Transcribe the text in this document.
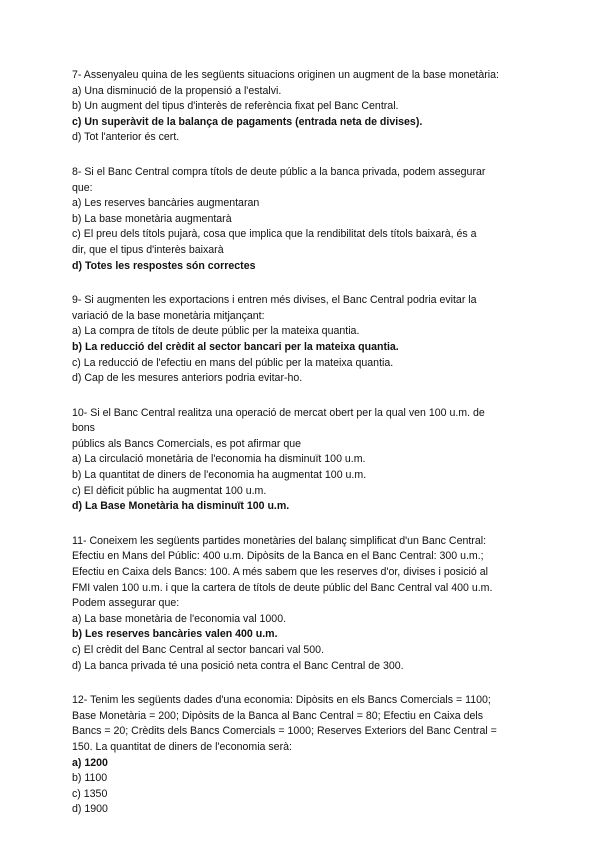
7- Assenyaleu quina de les següents situacions originen un augment de la base monetària:
a) Una disminució de la propensió a l'estalvi.
b) Un augment del tipus d'interès de referència fixat pel Banc Central.
c) Un superàvit de la balança de pagaments (entrada neta de divises).
d) Tot l'anterior és cert.
8- Si el Banc Central compra títols de deute públic a la banca privada, podem assegurar
que:
a) Les reserves bancàries augmentaran
b) La base monetària augmentarà
c) El preu dels títols pujarà, cosa que implica que la rendibilitat dels títols baixarà, és a
dir, que el tipus d'interès baixarà
d) Totes les respostes són correctes
9- Si augmenten les exportacions i entren més divises, el Banc Central podria evitar la
variació de la base monetària mitjançant:
a) La compra de títols de deute públic per la mateixa quantia.
b) La reducció del crèdit al sector bancari per la mateixa quantia.
c) La reducció de l'efectiu en mans del públic per la mateixa quantia.
d) Cap de les mesures anteriors podria evitar-ho.
10- Si el Banc Central realitza una operació de mercat obert per la qual ven 100 u.m. de
bons
públics als Bancs Comercials, es pot afirmar que
a) La circulació monetària de l'economia ha disminuït 100 u.m.
b) La quantitat de diners de l'economia ha augmentat 100 u.m.
c) El dèficit públic ha augmentat 100 u.m.
d) La Base Monetària ha disminuït 100 u.m.
11- Coneixem les següents partides monetàries del balanç simplificat d'un Banc Central:
Efectiu en Mans del Públic: 400 u.m. Dipòsits de la Banca en el Banc Central: 300 u.m.;
Efectiu en Caixa dels Bancs: 100. A més sabem que les reserves d'or, divises i posició al
FMI valen 100 u.m. i que la cartera de títols de deute públic del Banc Central val 400 u.m.
Podem assegurar que:
a) La base monetària de l'economia val 1000.
b) Les reserves bancàries valen 400 u.m.
c) El crèdit del Banc Central al sector bancari val 500.
d) La banca privada té una posició neta contra el Banc Central de 300.
12- Tenim les següents dades d'una economia: Dipòsits en els Bancs Comercials = 1100;
Base Monetària = 200; Dipòsits de la Banca al Banc Central = 80; Efectiu en Caixa dels
Bancs = 20; Crèdits dels Bancs Comercials = 1000; Reserves Exteriors del Banc Central =
150. La quantitat de diners de l'economia serà:
a) 1200
b) 1100
c) 1350
d) 1900
